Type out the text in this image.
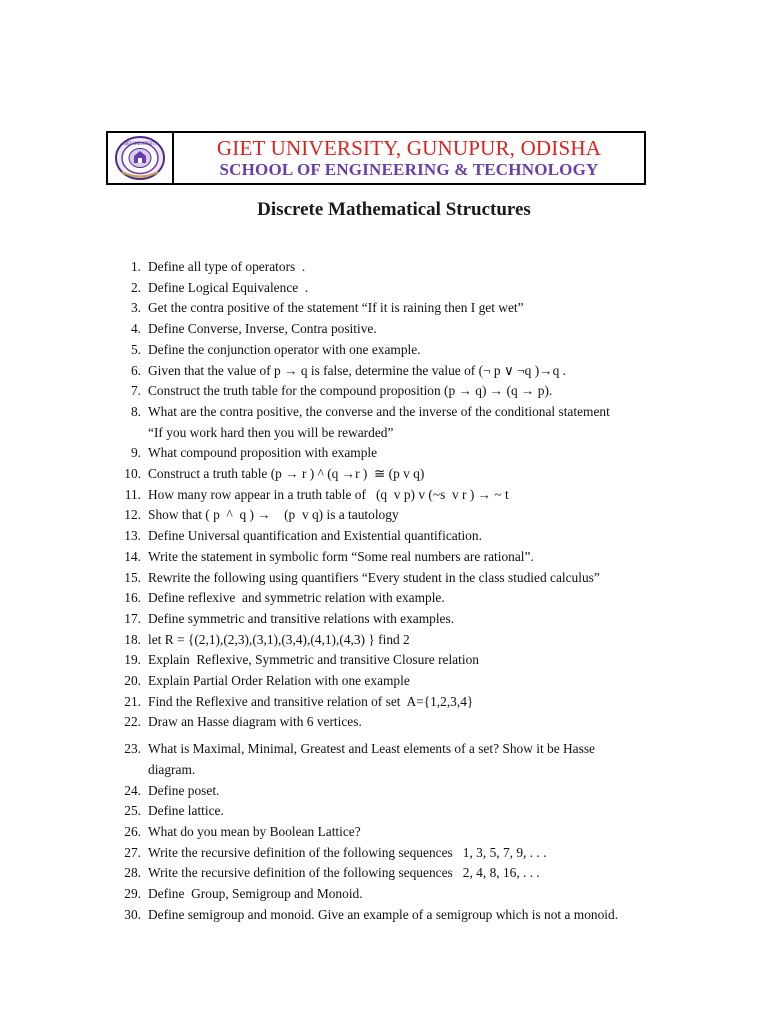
GIET UNIVERSITY	GIET UNIVERSITY, GUNUPUR, ODISHA
SCHOOL OF ENGINEERING & TECHNOLOGY
Discrete Mathematical Structures
1. Define all type of operators  .
2. Define Logical Equivalence  .
3. Get the contra positive of the statement “If it is raining then I get wet”
4. Define Converse, Inverse, Contra positive.
5. Define the conjunction operator with one example.
6. Given that the value of p → q is false, determine the value of (¬ p ∨ ¬q )→q .
7. Construct the truth table for the compound proposition (p → q) → (q → p).
8. What are the contra positive, the converse and the inverse of the conditional statement
“If you work hard then you will be rewarded”
9. What compound proposition with example
10. Construct a truth table (p → r ) ^ (q →r )  ≅ (p v q)
11. How many row appear in a truth table of   (q  v p) v (~s  v r ) → ~ t
12. Show that ( p  ^  q ) →    (p  v q) is a tautology
13. Define Universal quantification and Existential quantification.
14. Write the statement in symbolic form “Some real numbers are rational”.
15. Rewrite the following using quantifiers “Every student in the class studied calculus”
16. Define reflexive  and symmetric relation with example.
17. Define symmetric and transitive relations with examples.
18. let R = {(2,1),(2,3),(3,1),(3,4),(4,1),(4,3) } find 2
19. Explain  Reflexive, Symmetric and transitive Closure relation
20. Explain Partial Order Relation with one example
21. Find the Reflexive and transitive relation of set  A={1,2,3,4}
22. Draw an Hasse diagram with 6 vertices.
23. What is Maximal, Minimal, Greatest and Least elements of a set? Show it be Hasse
diagram.
24. Define poset.
25. Define lattice.
26. What do you mean by Boolean Lattice?
27. Write the recursive definition of the following sequences   1, 3, 5, 7, 9, . . .
28. Write the recursive definition of the following sequences   2, 4, 8, 16, . . .
29. Define  Group, Semigroup and Monoid.
30. Define semigroup and monoid. Give an example of a semigroup which is not a monoid.
